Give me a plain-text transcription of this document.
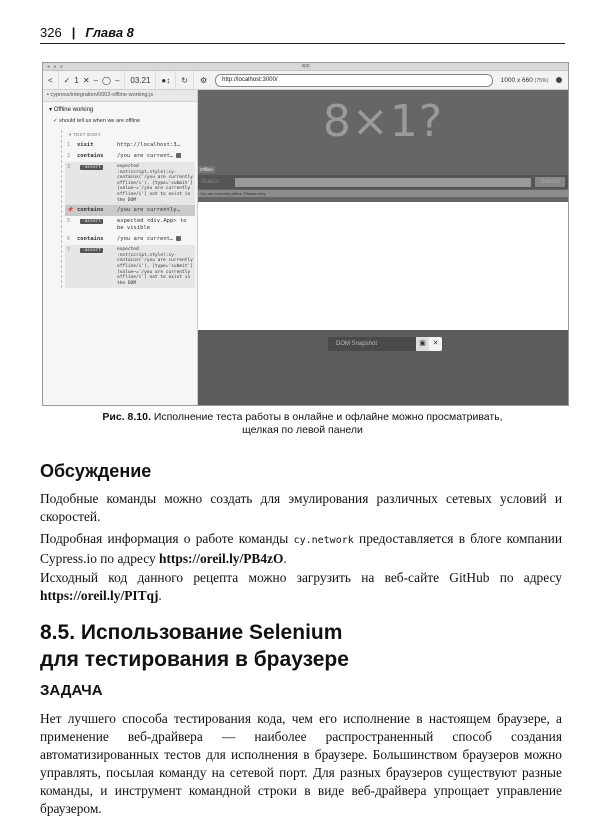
326 | Глава 8
● ● ●	app
< ✓ 1 ✕ – ◯ – 03.21 ●↕ ↻ ⚙	http://localhost:3000/	1000 x 660 (75%)
▪ cypress/integration/0002-offline-working.js
▾ Offline working
✓ should tell us when we are offline
▾ TEST BODY
1	visit	http://localhost:3…
2	contains	/you are current…
3	-assert	expected :not(script,style):cy-contains('/you are currently offline/i'), [type='submit'] [value~='/you are currently offline/i'] not to exist in the DOM
📌 contains	/you are currently…
5	-assert	expected <div.App> to be visible
6	contains	/you are current…
7	-assert	expected :not(script,style):cy-contains('/you are currently offline/i'), [type='submit'] [value~='/you are currently offline/i'] not to exist in the DOM
8×1?
Offline
Guess:	Submit
You are currently offline. Please retry.
DOM Snapshot	▣ ✕
Рис. 8.10. Исполнение теста работы в онлайне и офлайне можно просматривать,
щелкая по левой панели
Обсуждение

Подобные команды можно создать для эмулирования различных сетевых условий и скоростей.

Подробная информация о работе команды cy.network предоставляется в блоге компании Cypress.io по адресу https://oreil.ly/PB4zO.

Исходный код данного рецепта можно загрузить на веб-сайте GitHub по адресу https://oreil.ly/PITqj.

8.5. Использование Selenium
для тестирования в браузере
ЗАДАЧА

Нет лучшего способа тестирования кода, чем его исполнение в настоящем браузере, а применение веб-драйвера — наиболее распространенный способ создания автоматизированных тестов для исполнения в браузере. Большинством браузеров можно управлять, посылая команду на сетевой порт. Для разных браузеров существуют разные команды, и инструмент командной строки в виде веб-драйвера упрощает управление браузером.
